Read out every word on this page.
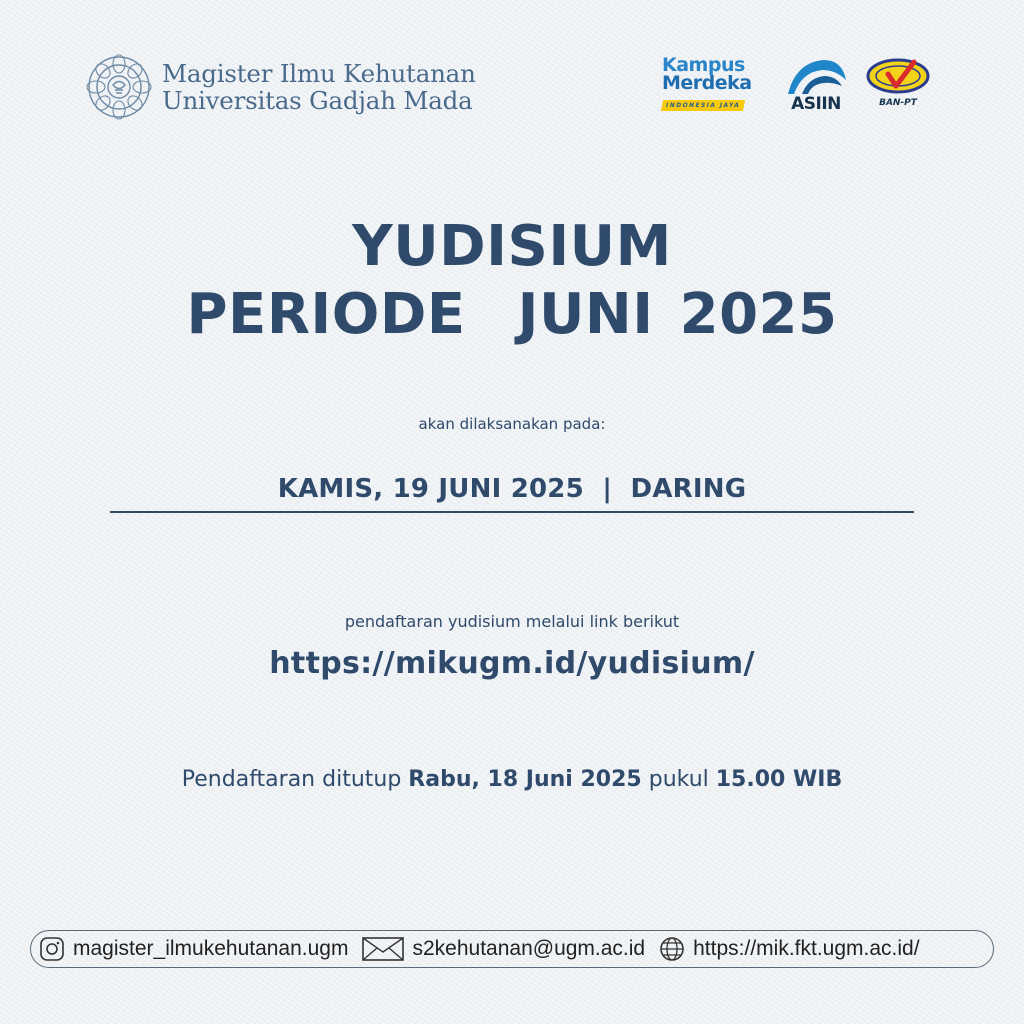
Magister Ilmu Kehutanan
Universitas Gadjah Mada
Kampus
Merdeka
INDONESIA JAYA	ASIIN	BAN-PT
YUDISIUM
PERIODE  JUNI 2025
akan dilaksanakan pada:
KAMIS, 19 JUNI 2025  |  DARING
pendaftaran yudisium melalui link berikut
https://mikugm.id/yudisium/
Pendaftaran ditutup Rabu, 18 Juni 2025 pukul 15.00 WIB
magister_ilmukehutanan.ugm	s2kehutanan@ugm.ac.id https://mik.fkt.ugm.ac.id/
